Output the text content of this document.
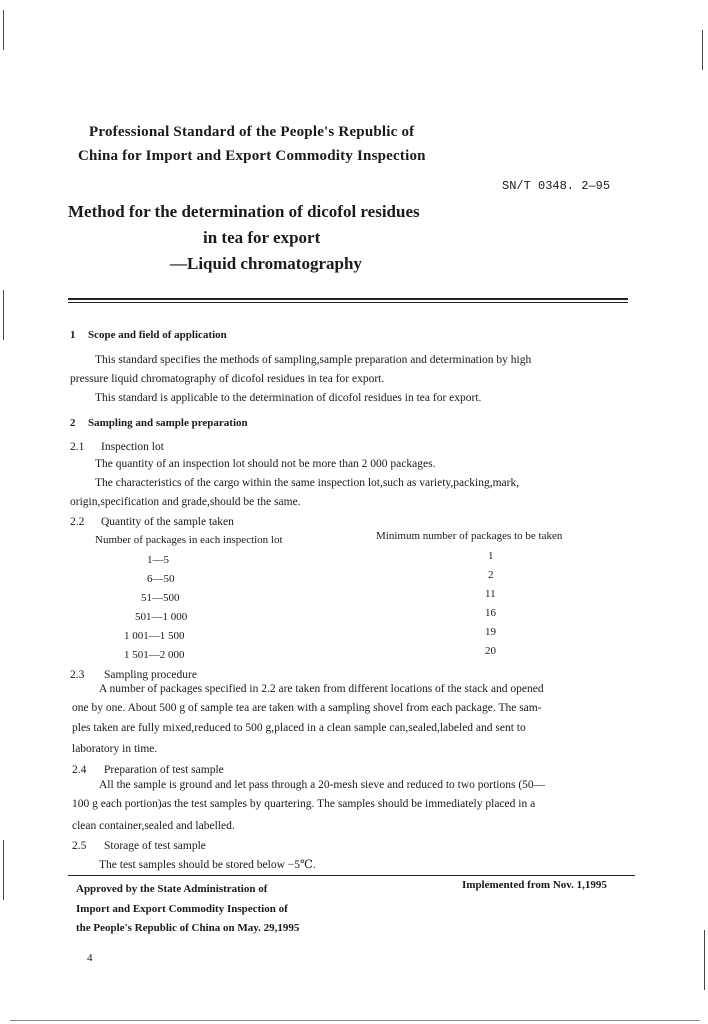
Professional Standard of the People's Republic of
China for Import and Export Commodity Inspection
SN/T 0348. 2—95
Method for the determination of dicofol residues
in tea for export
—Liquid chromatography
1 Scope and field of application
This standard specifies the methods of sampling,sample preparation and determination by high
pressure liquid chromatography of dicofol residues in tea for export.
This standard is applicable to the determination of dicofol residues in tea for export.
2 Sampling and sample preparation
2.1 Inspection lot
The quantity of an inspection lot should not be more than 2 000 packages.
The characteristics of the cargo within the same inspection lot,such as variety,packing,mark,
origin,specification and grade,should be the same.
2.2 Quantity of the sample taken
Number of packages in each inspection lot	Minimum number of packages to be taken
1—5	1
6—50	2
51—500	11
501—1 000	16
1 001—1 500	19
1 501—2 000	20
2.3 Sampling procedure
A number of packages specified in 2.2 are taken from different locations of the stack and opened
one by one. About 500 g of sample tea are taken with a sampling shovel from each package. The sam-
ples taken are fully mixed,reduced to 500 g,placed in a clean sample can,sealed,labeled and sent to
laboratory in time.
2.4 Preparation of test sample
All the sample is ground and let pass through a 20-mesh sieve and reduced to two portions (50—
100 g each portion)as the test samples by quartering. The samples should be immediately placed in a
clean container,sealed and labelled.
2.5 Storage of test sample
The test samples should be stored below −5℃.
Approved by the State Administration of
Import and Export Commodity Inspection of
the People's Republic of China on May. 29,1995
Implemented from Nov. 1,1995
4
